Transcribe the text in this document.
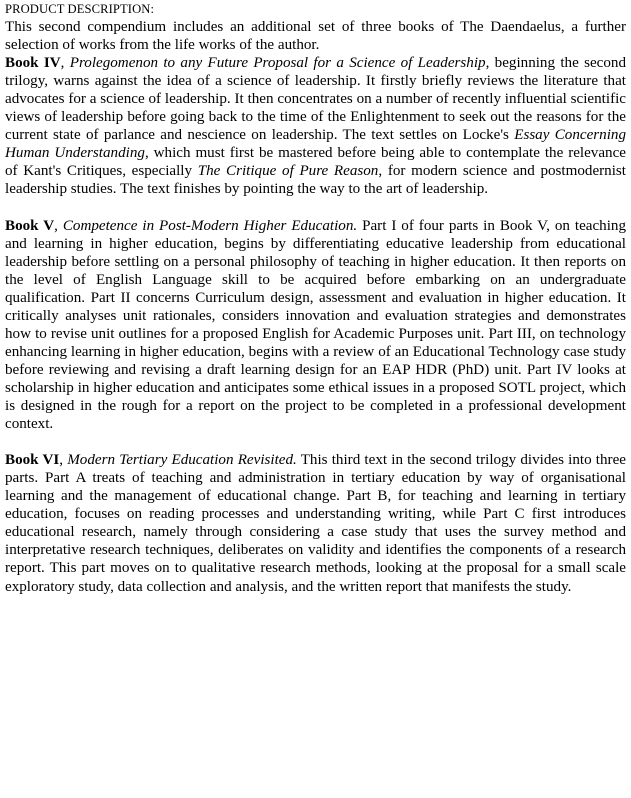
PRODUCT DESCRIPTION:

This second compendium includes an additional set of three books of The Daendaelus, a further selection of works from the life works of the author.

Book IV, Prolegomenon to any Future Proposal for a Science of Leadership, beginning the second trilogy, warns against the idea of a science of leadership. It firstly briefly reviews the literature that advocates for a science of leadership. It then concentrates on a number of recently influential scientific views of leadership before going back to the time of the Enlightenment to seek out the reasons for the current state of parlance and nescience on leadership. The text settles on Locke's Essay Concerning Human Understanding, which must first be mastered before being able to contemplate the relevance of Kant's Critiques, especially The Critique of Pure Reason, for modern science and postmodernist leadership studies. The text finishes by pointing the way to the art of leadership.

Book V, Competence in Post-Modern Higher Education. Part I of four parts in Book V, on teaching and learning in higher education, begins by differentiating educative leadership from educational leadership before settling on a personal philosophy of teaching in higher education. It then reports on the level of English Language skill to be acquired before embarking on an undergraduate qualification. Part II concerns Curriculum design, assessment and evaluation in higher education. It critically analyses unit rationales, considers innovation and evaluation strategies and demonstrates how to revise unit outlines for a proposed English for Academic Purposes unit. Part III, on technology enhancing learning in higher education, begins with a review of an Educational Technology case study before reviewing and revising a draft learning design for an EAP HDR (PhD) unit. Part IV looks at scholarship in higher education and anticipates some ethical issues in a proposed SOTL project, which is designed in the rough for a report on the project to be completed in a professional development context.

Book VI, Modern Tertiary Education Revisited. This third text in the second trilogy divides into three parts. Part A treats of teaching and administration in tertiary education by way of organisational learning and the management of educational change. Part B, for teaching and learning in tertiary education, focuses on reading processes and understanding writing, while Part C first introduces educational research, namely through considering a case study that uses the survey method and interpretative research techniques, deliberates on validity and identifies the components of a research report. This part moves on to qualitative research methods, looking at the proposal for a small scale exploratory study, data collection and analysis, and the written report that manifests the study.
